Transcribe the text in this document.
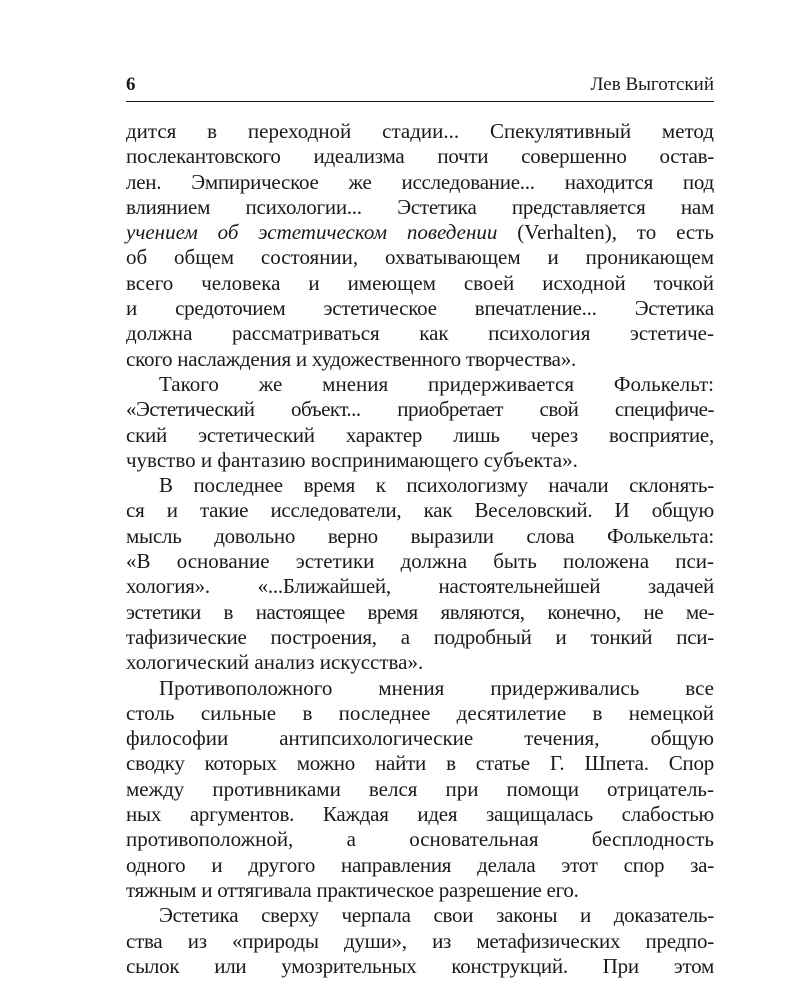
6	Лев Выготский
дится в переходной стадии... Спекулятивный метод
послекантовского идеализма почти совершенно остав-
лен. Эмпирическое же исследование... находится под
влиянием психологии... Эстетика представляется нам
учением об эстетическом поведении (Verhalten), то есть
об общем состоянии, охватывающем и проникающем
всего человека и имеющем своей исходной точкой
и средоточием эстетическое впечатление... Эстетика
должна рассматриваться как психология эстетиче-
ского наслаждения и художественного творчества».
Такого же мнения придерживается Фолькельт:
«Эстетический объект... приобретает свой специфиче-
ский эстетический характер лишь через восприятие,
чувство и фантазию воспринимающего субъекта».
В последнее время к психологизму начали склонять-
ся и такие исследователи, как Веселовский. И общую
мысль довольно верно выразили слова Фолькельта:
«В основание эстетики должна быть положена пси-
хология». «...Ближайшей, настоятельнейшей задачей
эстетики в настоящее время являются, конечно, не ме-
тафизические построения, а подробный и тонкий пси-
хологический анализ искусства».
Противоположного мнения придерживались все
столь сильные в последнее десятилетие в немецкой
философии антипсихологические течения, общую
сводку которых можно найти в статье Г. Шпета. Спор
между противниками велся при помощи отрицатель-
ных аргументов. Каждая идея защищалась слабостью
противоположной, а основательная бесплодность
одного и другого направления делала этот спор за-
тяжным и оттягивала практическое разрешение его.
Эстетика сверху черпала свои законы и доказатель-
ства из «природы души», из метафизических предпо-
сылок или умозрительных конструкций. При этом
